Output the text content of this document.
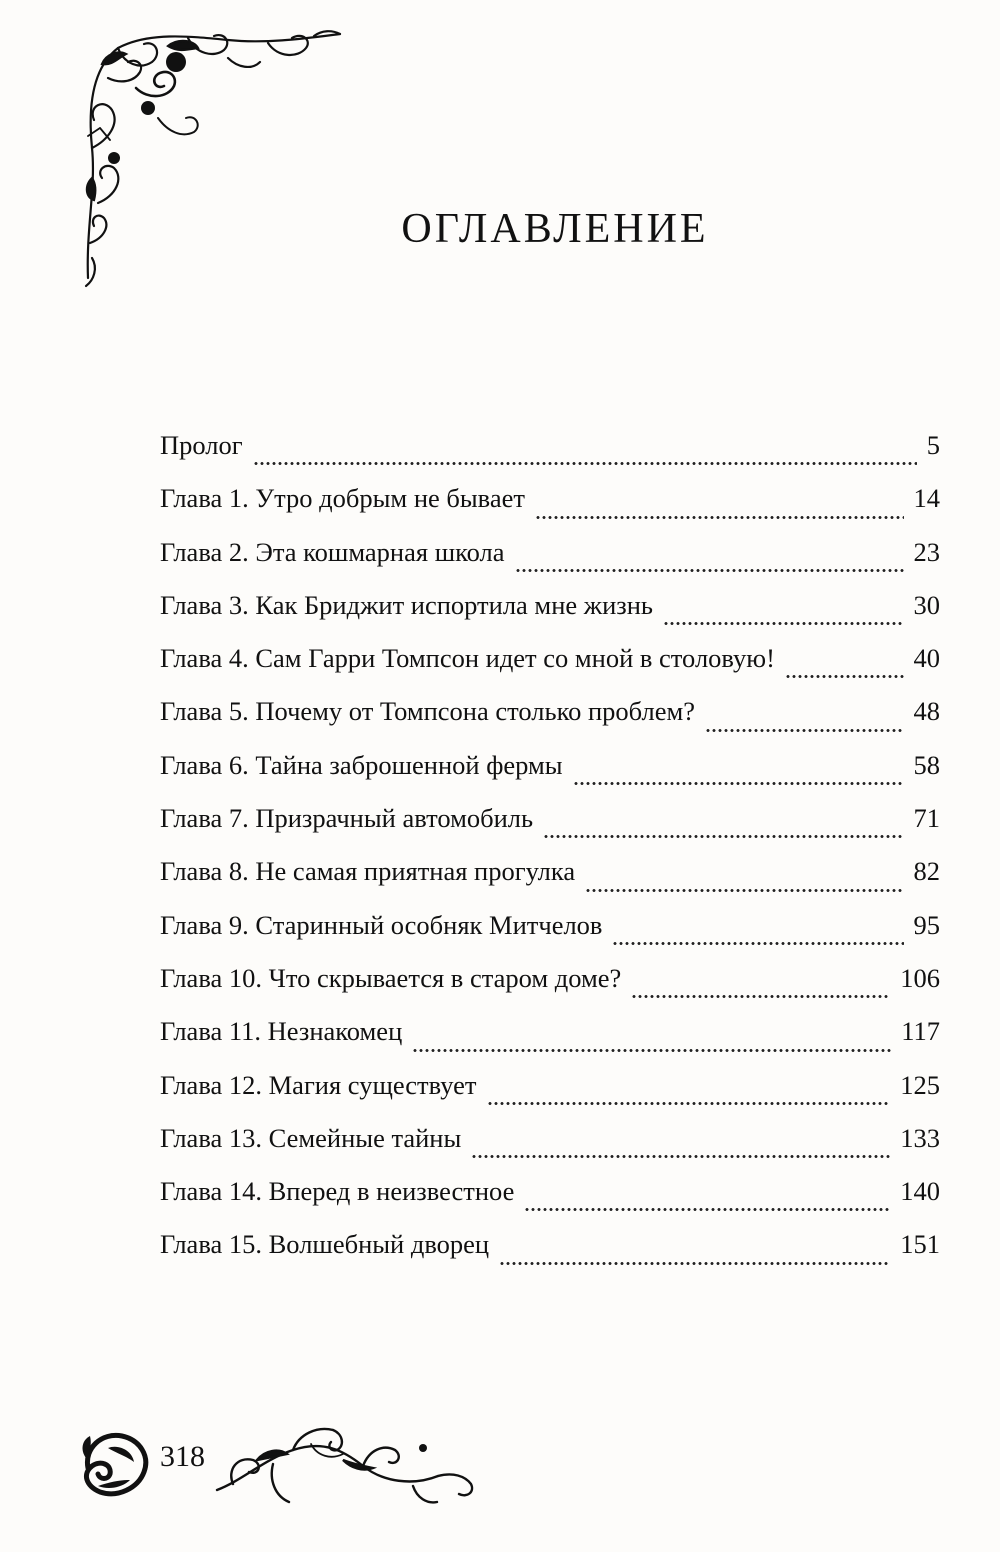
ОГЛАВЛЕНИЕ
Пролог	5
Глава 1. Утро добрым не бывает	14
Глава 2. Эта кошмарная школа	23
Глава 3. Как Бриджит испортила мне жизнь	30
Глава 4. Сам Гарри Томпсон идет со мной в столовую!	40
Глава 5. Почему от Томпсона столько проблем?	48
Глава 6. Тайна заброшенной фермы	58
Глава 7. Призрачный автомобиль	71
Глава 8. Не самая приятная прогулка	82
Глава 9. Старинный особняк Митчелов	95
Глава 10. Что скрывается в старом доме?	106
Глава 11. Незнакомец	117
Глава 12. Магия существует	125
Глава 13. Семейные тайны	133
Глава 14. Вперед в неизвестное	140
Глава 15. Волшебный дворец	151
318
